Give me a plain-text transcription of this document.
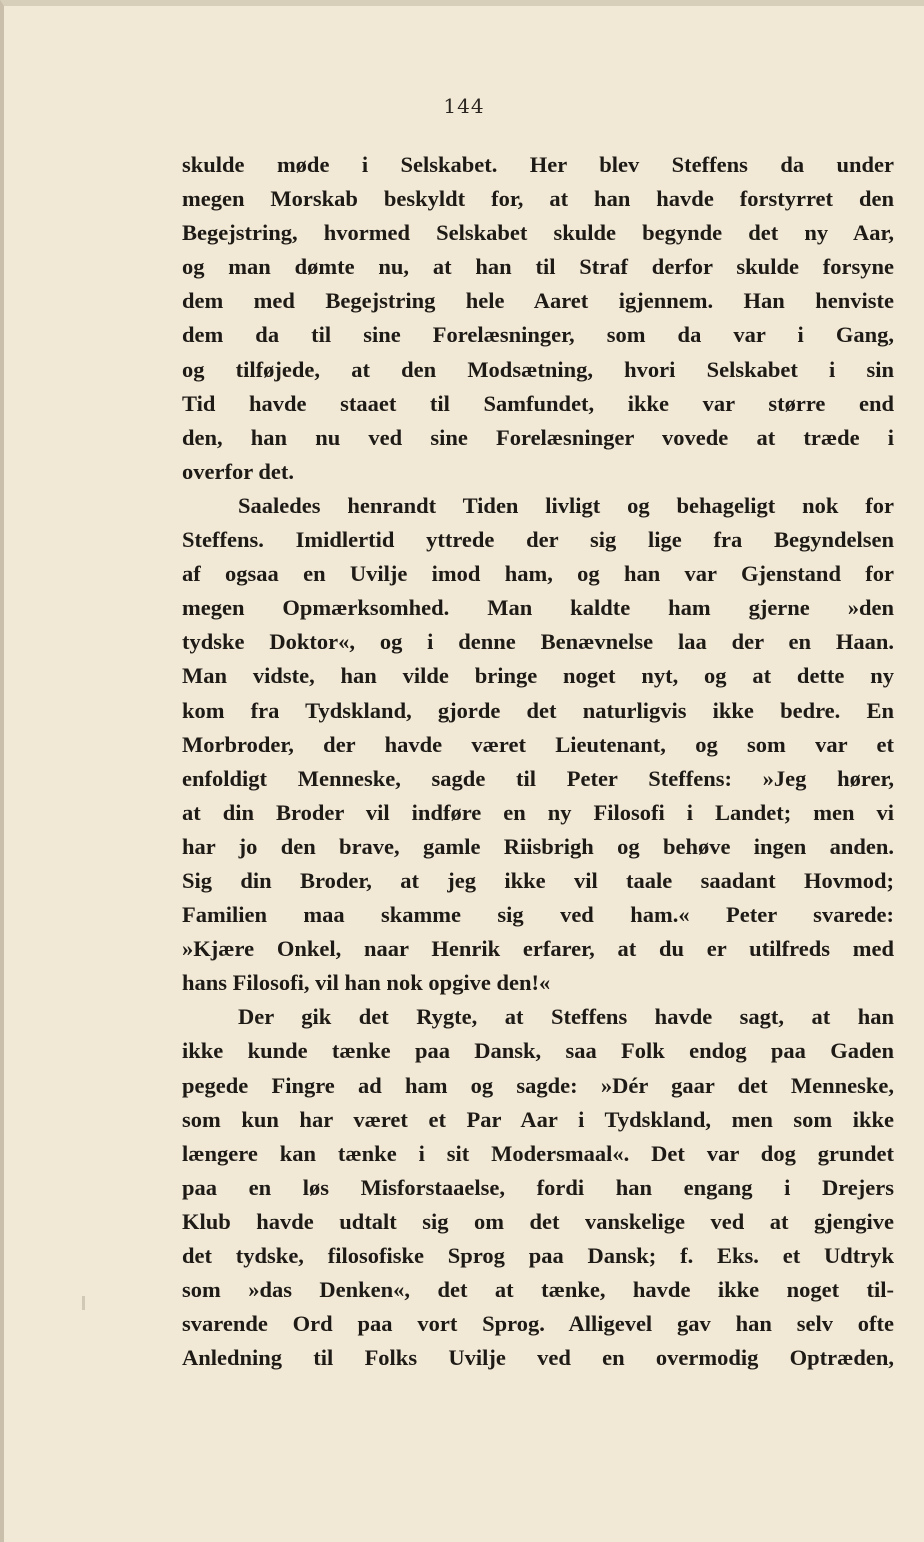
144
skulde møde i Selskabet. Her blev Steffens da under
megen Morskab beskyldt for, at han havde forstyrret den
Begejstring, hvormed Selskabet skulde begynde det ny Aar,
og man dømte nu, at han til Straf derfor skulde forsyne
dem med Begejstring hele Aaret igjennem. Han henviste
dem da til sine Forelæsninger, som da var i Gang,
og tilføjede, at den Modsætning, hvori Selskabet i sin
Tid havde staaet til Samfundet, ikke var større end
den, han nu ved sine Forelæsninger vovede at træde i
overfor det.
Saaledes henrandt Tiden livligt og behageligt nok for
Steffens. Imidlertid yttrede der sig lige fra Begyndelsen
af ogsaa en Uvilje imod ham, og han var Gjenstand for
megen Opmærksomhed. Man kaldte ham gjerne »den
tydske Doktor«, og i denne Benævnelse laa der en Haan.
Man vidste, han vilde bringe noget nyt, og at dette ny
kom fra Tydskland, gjorde det naturligvis ikke bedre. En
Morbroder, der havde været Lieutenant, og som var et
enfoldigt Menneske, sagde til Peter Steffens: »Jeg hører,
at din Broder vil indføre en ny Filosofi i Landet; men vi
har jo den brave, gamle Riisbrigh og behøve ingen anden.
Sig din Broder, at jeg ikke vil taale saadant Hovmod;
Familien maa skamme sig ved ham.« Peter svarede:
»Kjære Onkel, naar Henrik erfarer, at du er utilfreds med
hans Filosofi, vil han nok opgive den!«
Der gik det Rygte, at Steffens havde sagt, at han
ikke kunde tænke paa Dansk, saa Folk endog paa Gaden
pegede Fingre ad ham og sagde: »Dér gaar det Menneske,
som kun har været et Par Aar i Tydskland, men som ikke
længere kan tænke i sit Modersmaal«. Det var dog grundet
paa en løs Misforstaaelse, fordi han engang i Drejers
Klub havde udtalt sig om det vanskelige ved at gjengive
det tydske, filosofiske Sprog paa Dansk; f. Eks. et Udtryk
som »das Denken«, det at tænke, havde ikke noget til-
svarende Ord paa vort Sprog. Alligevel gav han selv ofte
Anledning til Folks Uvilje ved en overmodig Optræden,
